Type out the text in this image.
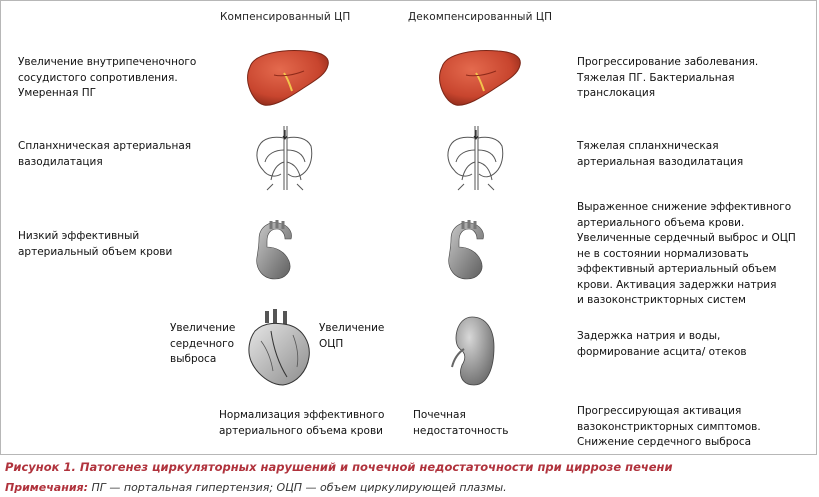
Компенсированный ЦП	Декомпенсированный ЦП
Увеличение внутрипеченочного
сосудистого сопротивления.
Умеренная ПГ
Спланхническая артериальная
вазодилатация
Низкий эффективный
артериальный объем крови
Увеличение
сердечного
выброса
Увеличение
ОЦП
Нормализация эффективного
артериального объема крови
Почечная
недостаточность
Прогрессирование заболевания.
Тяжелая ПГ. Бактериальная
транслокация
Тяжелая спланхническая
артериальная вазодилатация
Выраженное снижение эффективного
артериального объема крови.
Увеличенные сердечный выброс и ОЦП
не в состоянии нормализовать
эффективный артериальный объем
крови. Активация задержки натрия
и вазоконстрикторных систем
Задержка натрия и воды,
формирование асцита/ отеков
Прогрессирующая активация
вазоконстрикторных симптомов.
Снижение сердечного выброса
Рисунок 1. Патогенез циркуляторных нарушений и почечной недостаточности при циррозе печени
Примечания: ПГ — портальная гипертензия; ОЦП — объем циркулирующей плазмы.
